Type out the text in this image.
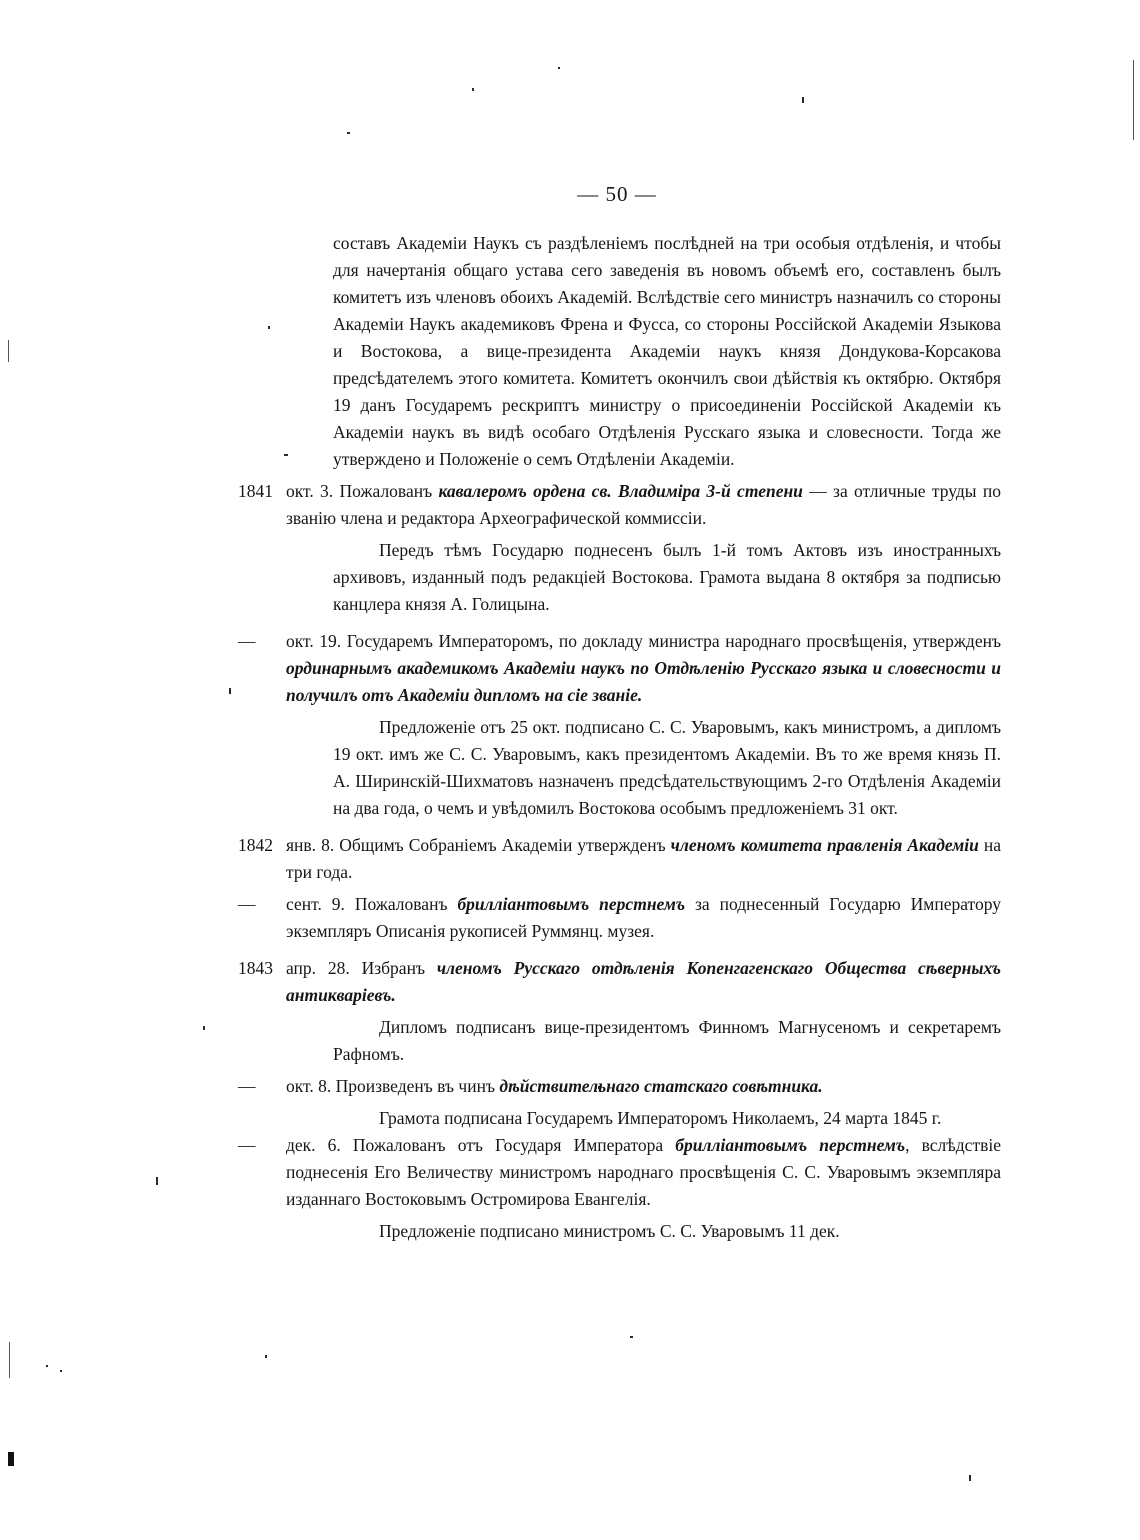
— 50 —

составъ Академіи Наукъ съ раздѣленіемъ послѣдней на три особыя отдѣленія, и чтобы для начертанія общаго устава сего заведенія въ новомъ объемѣ его, составленъ былъ комитетъ изъ членовъ обоихъ Академій. Вслѣдствіе сего министръ назначилъ со стороны Академіи Наукъ академиковъ Френа и Фусса, со стороны Россійской Академіи Языкова и Востокова, а вице-президента Академіи наукъ князя Дондукова-Корсакова предсѣдателемъ этого комитета. Комитетъ окончилъ свои дѣйствія къ октябрю. Октября 19 данъ Государемъ рескриптъ министру о присоединеніи Россійской Академіи къ Академіи наукъ въ видѣ особаго Отдѣленія Русскаго языка и словесности. Тогда же утверждено и Положеніе о семъ Отдѣленіи Академіи.

1841 окт. 3. Пожалованъ кавалеромъ ордена св. Владиміра 3-й степени — за отличные труды по званію члена и редактора Археографической коммиссіи.

Передъ тѣмъ Государю поднесенъ былъ 1-й томъ Актовъ изъ иностранныхъ архивовъ, изданный подъ редакціей Востокова. Грамота выдана 8 октября за подписью канцлера князя А. Голицына.

— окт. 19. Государемъ Императоромъ, по докладу министра народнаго просвѣщенія, утвержденъ ординарнымъ академикомъ Академіи наукъ по Отдѣленію Русскаго языка и словесности и получилъ отъ Академіи дипломъ на сіе званіе.

Предложеніе отъ 25 окт. подписано С. С. Уваровымъ, какъ министромъ, а дипломъ 19 окт. имъ же С. С. Уваровымъ, какъ президентомъ Академіи. Въ то же время князь П. А. Ширинскій-Шихматовъ назначенъ предсѣдательствующимъ 2-го Отдѣленія Академіи на два года, о чемъ и увѣдомилъ Востокова особымъ предложеніемъ 31 окт.

1842 янв. 8. Общимъ Собраніемъ Академіи утвержденъ членомъ комитета правленія Академіи на три года.

— сент. 9. Пожалованъ брилліантовымъ перстнемъ за поднесенный Государю Императору экземпляръ Описанія рукописей Руммянц. музея.

1843 апр. 28. Избранъ членомъ Русскаго отдѣленія Копенгагенскаго Общества сѣверныхъ антикваріевъ.

Дипломъ подписанъ вице-президентомъ Финномъ Магнусеномъ и секретаремъ Рафномъ.

— окт. 8. Произведенъ въ чинъ дѣйствительнаго статскаго совѣтника.

Грамота подписана Государемъ Императоромъ Николаемъ, 24 марта 1845 г.

— дек. 6. Пожалованъ отъ Государя Императора брилліантовымъ перстнемъ, вслѣдствіе поднесенія Его Величеству министромъ народнаго просвѣщенія С. С. Уваровымъ экземпляра изданнаго Востоковымъ Остромирова Евангелія.

Предложеніе подписано министромъ С. С. Уваровымъ 11 дек.
